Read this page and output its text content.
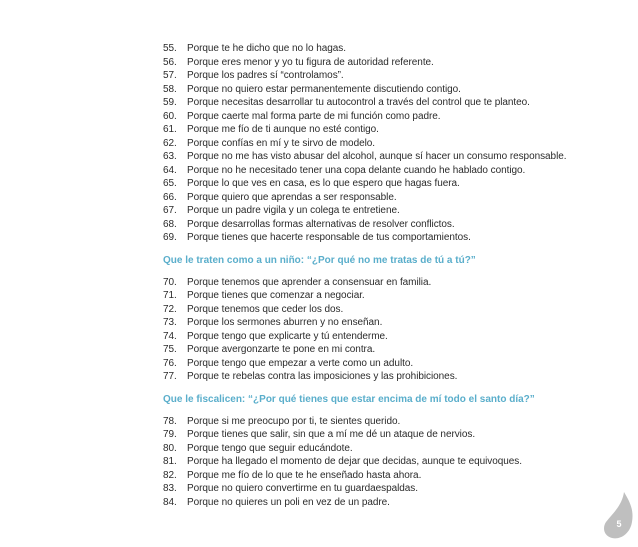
55.	Porque te he dicho que no lo hagas.
56.	Porque eres menor y yo tu figura de autoridad referente.
57.	Porque los padres sí “controlamos”.
58.	Porque no quiero estar permanentemente discutiendo contigo.
59.	Porque necesitas desarrollar tu autocontrol a través del control que te planteo.
60.	Porque caerte mal forma parte de mi función como padre.
61.	Porque me fío de ti aunque no esté contigo.
62.	Porque confías en mí y te sirvo de modelo.
63.	Porque no me has visto abusar del alcohol, aunque sí hacer un consumo responsable.
64.	Porque no he necesitado tener una copa delante cuando he hablado contigo.
65.	Porque lo que ves en casa, es lo que espero que hagas fuera.
66.	Porque quiero que aprendas a ser responsable.
67.	Porque un padre vigila y un colega te entretiene.
68.	Porque desarrollas formas alternativas de resolver conflictos.
69.	Porque tienes que hacerte responsable de tus comportamientos.
Que le traten como a un niño: “¿Por qué no me tratas de tú a tú?”
70.	Porque tenemos que aprender a consensuar en familia.
71.	Porque tienes que comenzar a negociar.
72.	Porque tenemos que ceder los dos.
73.	Porque los sermones aburren y no enseñan.
74.	Porque tengo que explicarte y tú entenderme.
75.	Porque avergonzarte te pone en mi contra.
76.	Porque tengo que empezar a verte como un adulto.
77.	Porque te rebelas contra las imposiciones y las prohibiciones.
Que le fiscalicen: “¿Por qué tienes que estar encima de mí todo el santo día?”
78.	Porque si me preocupo por ti, te sientes querido.
79.	Porque tienes que salir, sin que a mí me dé un ataque de nervios.
80.	Porque tengo que seguir educándote.
81.	Porque ha llegado el momento de dejar que decidas, aunque te equivoques.
82.	Porque me fío de lo que te he enseñado hasta ahora.
83.	Porque no quiero convertirme en tu guardaespaldas.
84.	Porque no quieres un poli en vez de un padre.
5
